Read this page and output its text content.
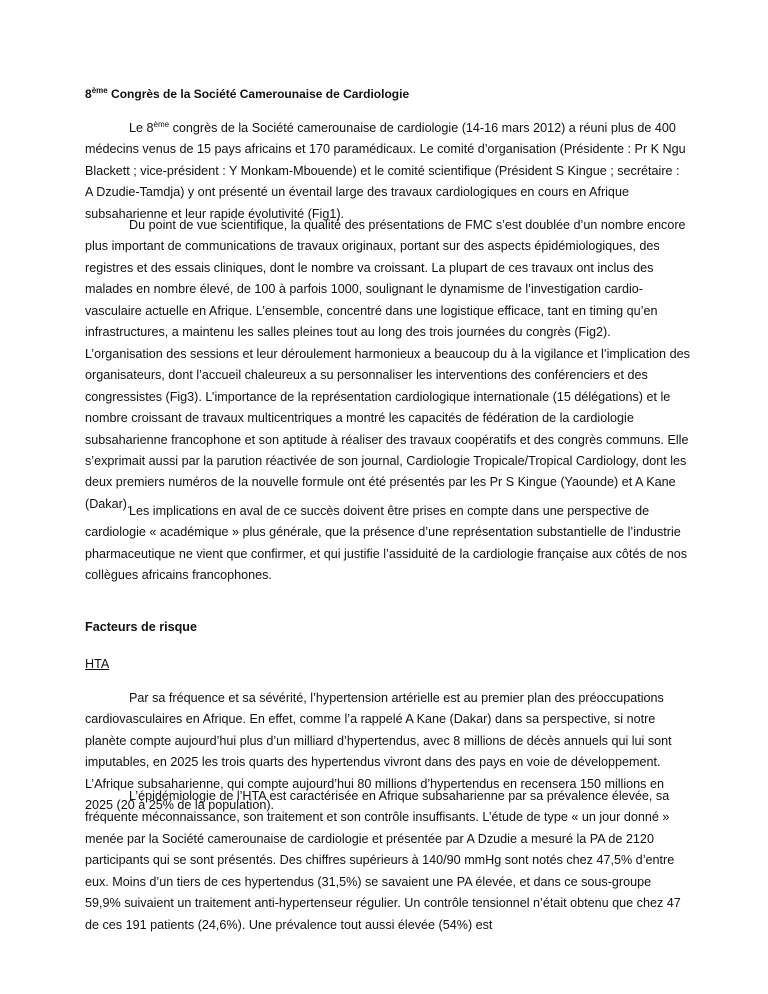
8ème Congrès de la Société Camerounaise de Cardiologie

Le 8ème congrès de la Société camerounaise de cardiologie (14-16 mars 2012) a réuni plus de 400 médecins venus de 15 pays africains et 170 paramédicaux. Le comité d’organisation (Présidente : Pr K Ngu Blackett ; vice-président : Y Monkam-Mbouende) et le comité scientifique (Président S Kingue ; secrétaire : A Dzudie-Tamdja) y ont présenté un éventail large des travaux cardiologiques en cours en Afrique subsaharienne et leur rapide évolutivité (Fig1).

Du point de vue scientifique, la qualité des présentations de FMC s’est doublée d’un nombre encore plus important de communications de travaux originaux, portant sur des aspects épidémiologiques, des registres et des essais cliniques, dont le nombre va croissant. La plupart de ces travaux ont inclus des malades en nombre élevé, de 100 à parfois 1000, soulignant le dynamisme de l’investigation cardio-vasculaire actuelle en Afrique. L’ensemble, concentré dans une logistique efficace, tant en timing qu’en infrastructures, a maintenu les salles pleines tout au long des trois journées du congrès (Fig2). L’organisation des sessions et leur déroulement harmonieux a beaucoup du à la vigilance et l’implication des organisateurs, dont l’accueil chaleureux a su personnaliser les interventions des conférenciers et des congressistes (Fig3). L’importance de la représentation cardiologique internationale (15 délégations) et le nombre croissant de travaux multicentriques a montré les capacités de fédération de la cardiologie subsaharienne francophone et son aptitude à réaliser des travaux coopératifs et des congrès communs. Elle s’exprimait aussi par la parution réactivée de son journal, Cardiologie Tropicale/Tropical Cardiology, dont les deux premiers numéros de la nouvelle formule ont été présentés par les Pr S Kingue (Yaounde) et A Kane (Dakar).

Les implications en aval de ce succès doivent être prises en compte dans une perspective de cardiologie « académique » plus générale, que la présence d’une représentation substantielle de l’industrie pharmaceutique ne vient que confirmer, et qui justifie l’assiduité de la cardiologie française aux côtés de nos collègues africains francophones.

Facteurs de risque
HTA

Par sa fréquence et sa sévérité, l’hypertension artérielle est au premier plan des préoccupations cardiovasculaires en Afrique. En effet, comme l’a rappelé A Kane (Dakar) dans sa perspective, si notre planète compte aujourd’hui plus d’un milliard d’hypertendus, avec 8 millions de décès annuels qui lui sont imputables, en 2025 les trois quarts des hypertendus vivront dans des pays en voie de développement. L’Afrique subsaharienne, qui compte aujourd’hui 80 millions d’hypertendus en recensera 150 millions en 2025 (20 à 25% de la population).

L’épidémiologie de l’HTA est caractérisée en Afrique subsaharienne par sa prévalence élevée, sa fréquente méconnaissance, son traitement et son contrôle insuffisants. L’étude de type « un jour donné » menée par la Société camerounaise de cardiologie et présentée par A Dzudie a mesuré la PA de 2120 participants qui se sont présentés. Des chiffres supérieurs à 140/90 mmHg sont notés chez 47,5% d’entre eux. Moins d’un tiers de ces hypertendus (31,5%) se savaient une PA élevée, et dans ce sous-groupe 59,9% suivaient un traitement anti-hypertenseur régulier. Un contrôle tensionnel n’était obtenu que chez 47 de ces 191 patients (24,6%). Une prévalence tout aussi élevée (54%) est
